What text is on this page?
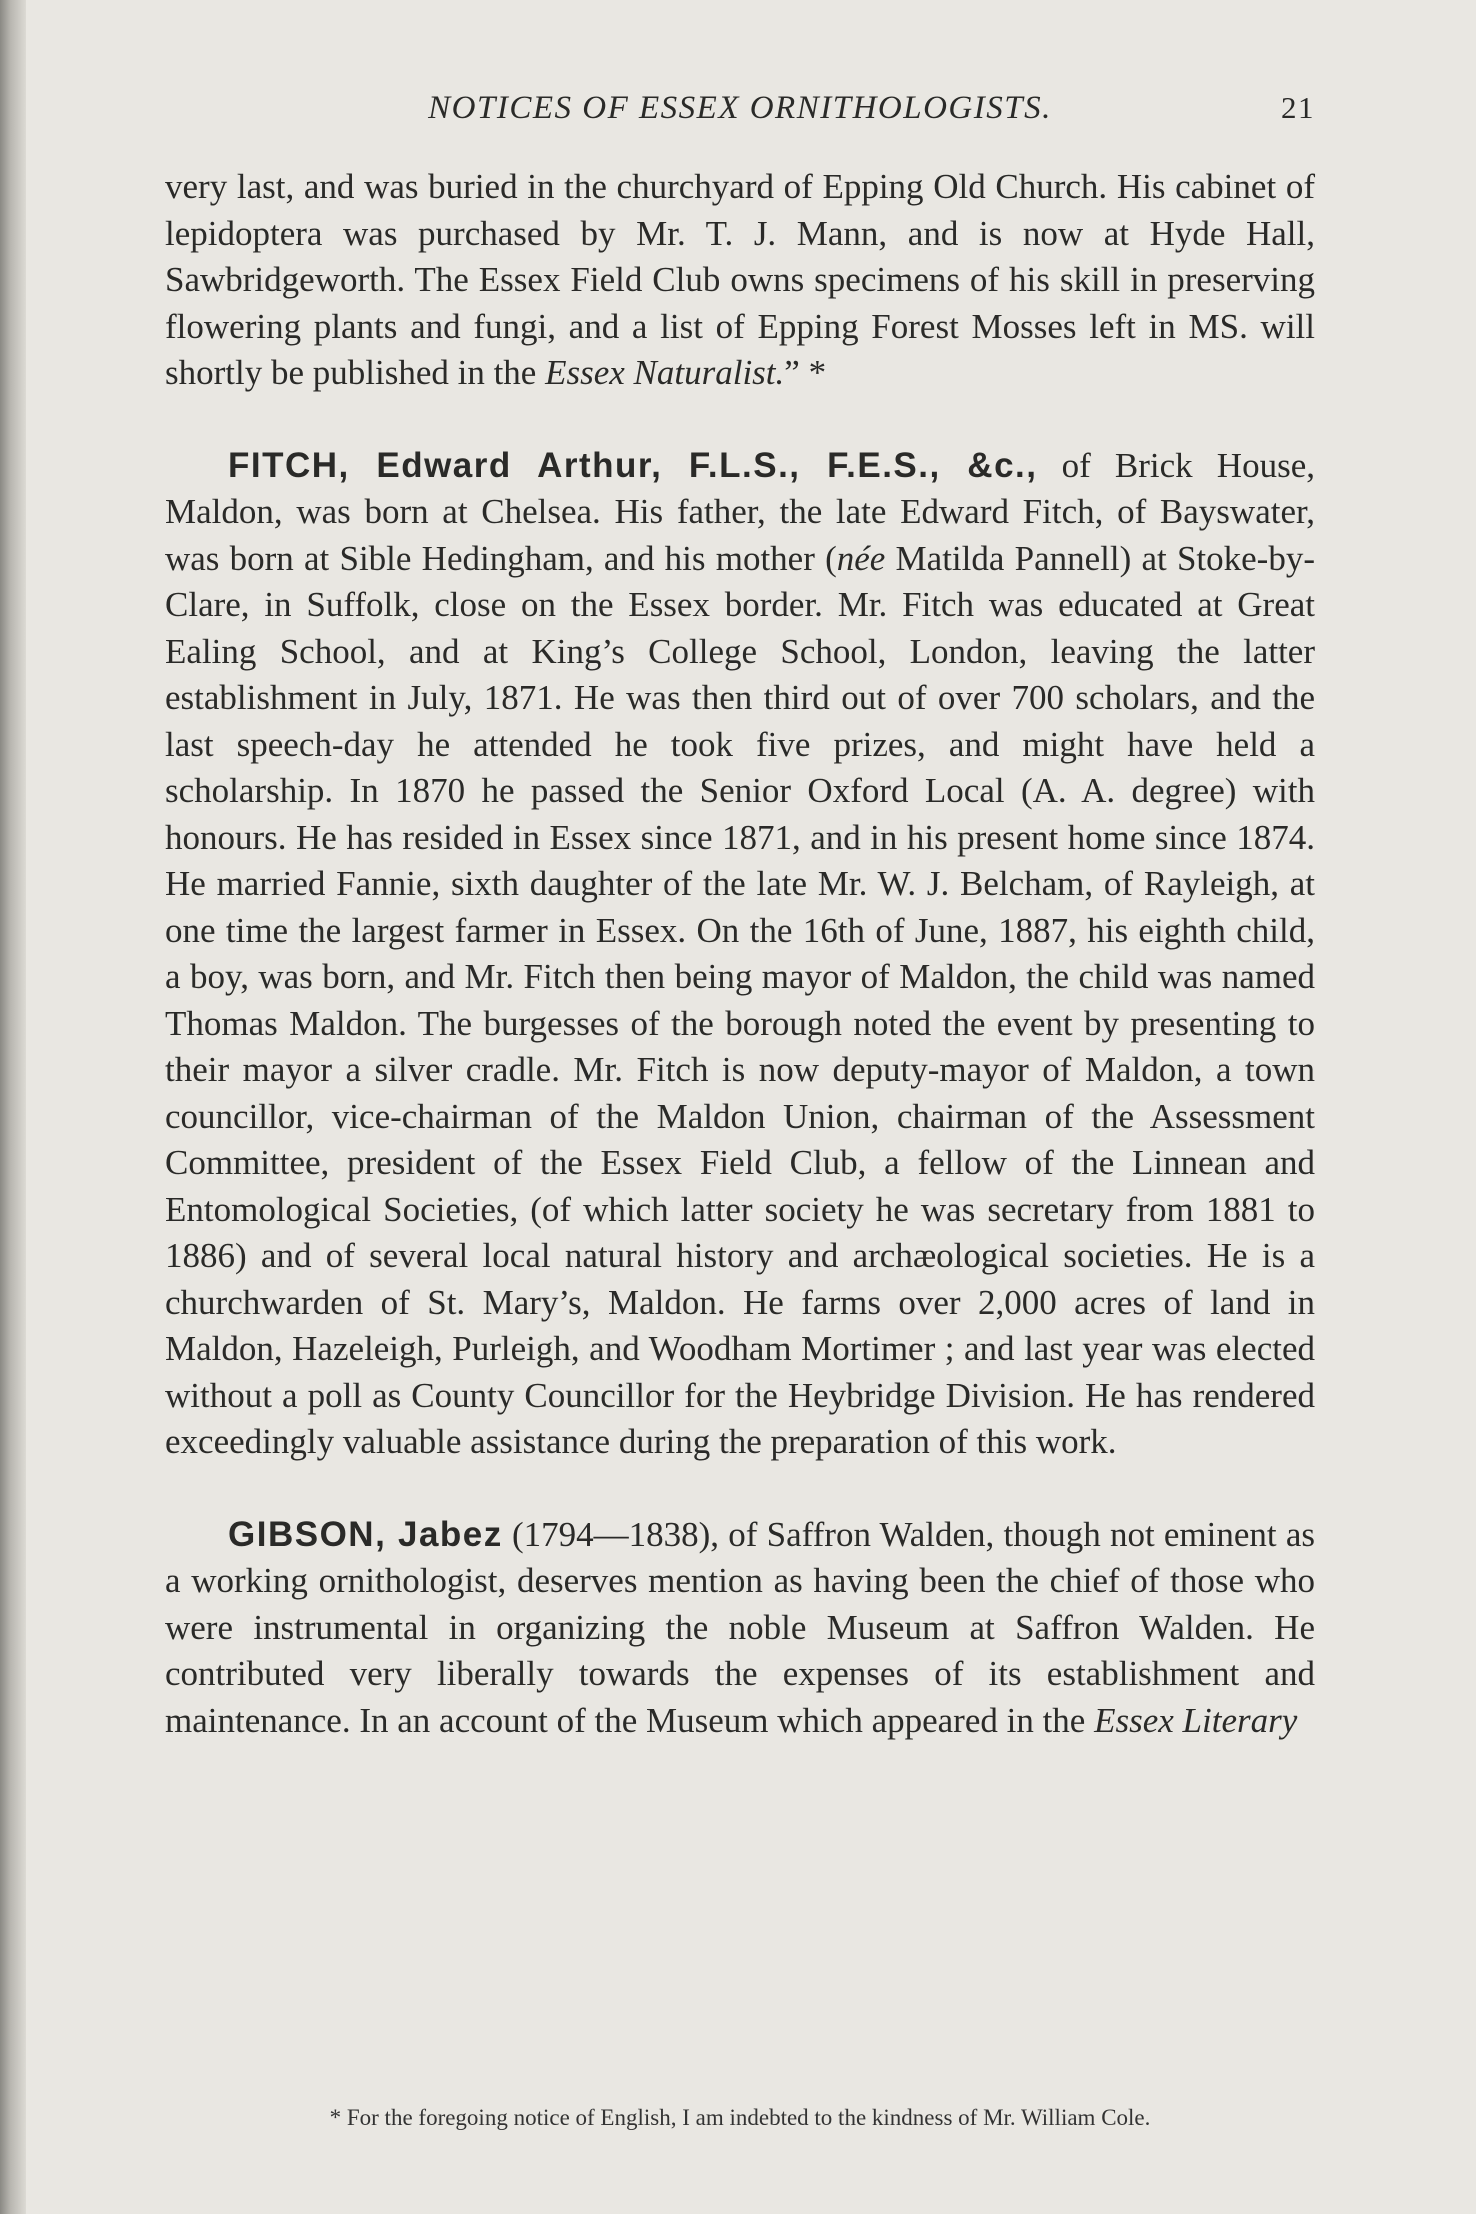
NOTICES OF ESSEX ORNITHOLOGISTS.	21

very last, and was buried in the churchyard of Epping Old Church. His cabinet of lepidoptera was purchased by Mr. T. J. Mann, and is now at Hyde Hall, Sawbridgeworth. The Essex Field Club owns specimens of his skill in preserving flowering plants and fungi, and a list of Epping Forest Mosses left in MS. will shortly be published in the Essex Naturalist.” *

FITCH, Edward Arthur, F.L.S., F.E.S., &c., of Brick House, Maldon, was born at Chelsea. His father, the late Edward Fitch, of Bayswater, was born at Sible Hedingham, and his mother (née Matilda Pannell) at Stoke-by-Clare, in Suffolk, close on the Essex border. Mr. Fitch was educated at Great Ealing School, and at King’s College School, London, leaving the latter establishment in July, 1871. He was then third out of over 700 scholars, and the last speech-day he attended he took five prizes, and might have held a scholarship. In 1870 he passed the Senior Oxford Local (A. A. degree) with honours. He has resided in Essex since 1871, and in his present home since 1874. He married Fannie, sixth daughter of the late Mr. W. J. Belcham, of Rayleigh, at one time the largest farmer in Essex. On the 16th of June, 1887, his eighth child, a boy, was born, and Mr. Fitch then being mayor of Maldon, the child was named Thomas Maldon. The burgesses of the borough noted the event by presenting to their mayor a silver cradle. Mr. Fitch is now deputy-mayor of Maldon, a town councillor, vice-chairman of the Maldon Union, chairman of the Assessment Committee, president of the Essex Field Club, a fellow of the Linnean and Entomological Societies, (of which latter society he was secretary from 1881 to 1886) and of several local natural history and archæological societies. He is a churchwarden of St. Mary’s, Maldon. He farms over 2,000 acres of land in Maldon, Hazeleigh, Purleigh, and Woodham Mortimer ; and last year was elected without a poll as County Councillor for the Heybridge Division. He has rendered exceedingly valuable assistance during the preparation of this work.

GIBSON, Jabez (1794—1838), of Saffron Walden, though not eminent as a working ornithologist, deserves mention as having been the chief of those who were instrumental in organizing the noble Museum at Saffron Walden. He contributed very liberally towards the expenses of its establishment and maintenance. In an account of the Museum which appeared in the Essex Literary

* For the foregoing notice of English, I am indebted to the kindness of Mr. William Cole.
